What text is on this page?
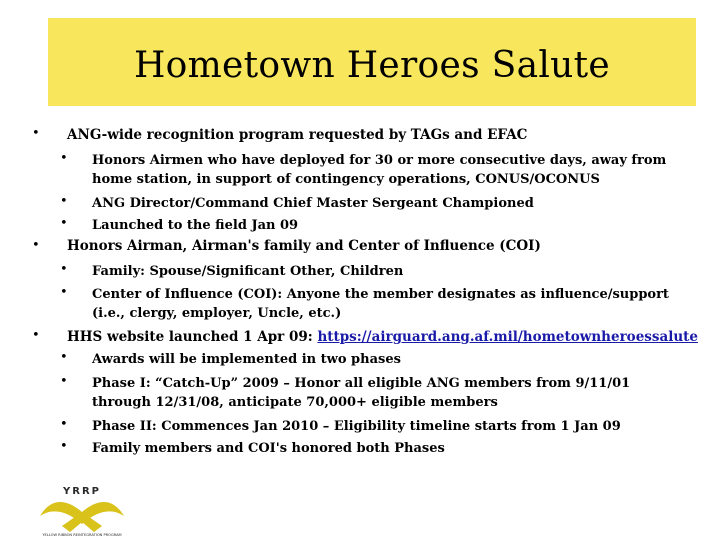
Hometown Heroes Salute
• ANG-wide recognition program requested by TAGs and EFAC
• Honors Airmen who have deployed for 30 or more consecutive days, away from home station, in support of contingency operations, CONUS/OCONUS
• ANG Director/Command Chief Master Sergeant Championed
• Launched to the field Jan 09
• Honors Airman, Airman's family and Center of Influence (COI)
• Family: Spouse/Significant Other, Children
• Center of Influence (COI): Anyone the member designates as influence/support (i.e., clergy, employer, Uncle, etc.)
• HHS website launched 1 Apr 09: https://airguard.ang.af.mil/hometownheroessalute
• Awards will be implemented in two phases
• Phase I: “Catch-Up” 2009 – Honor all eligible ANG members from 9/11/01 through 12/31/08, anticipate 70,000+ eligible members
• Phase II: Commences Jan 2010 – Eligibility timeline starts from 1 Jan 09
• Family members and COI's honored both Phases
YRRP
YELLOW RIBBON REINTEGRATION PROGRAM
